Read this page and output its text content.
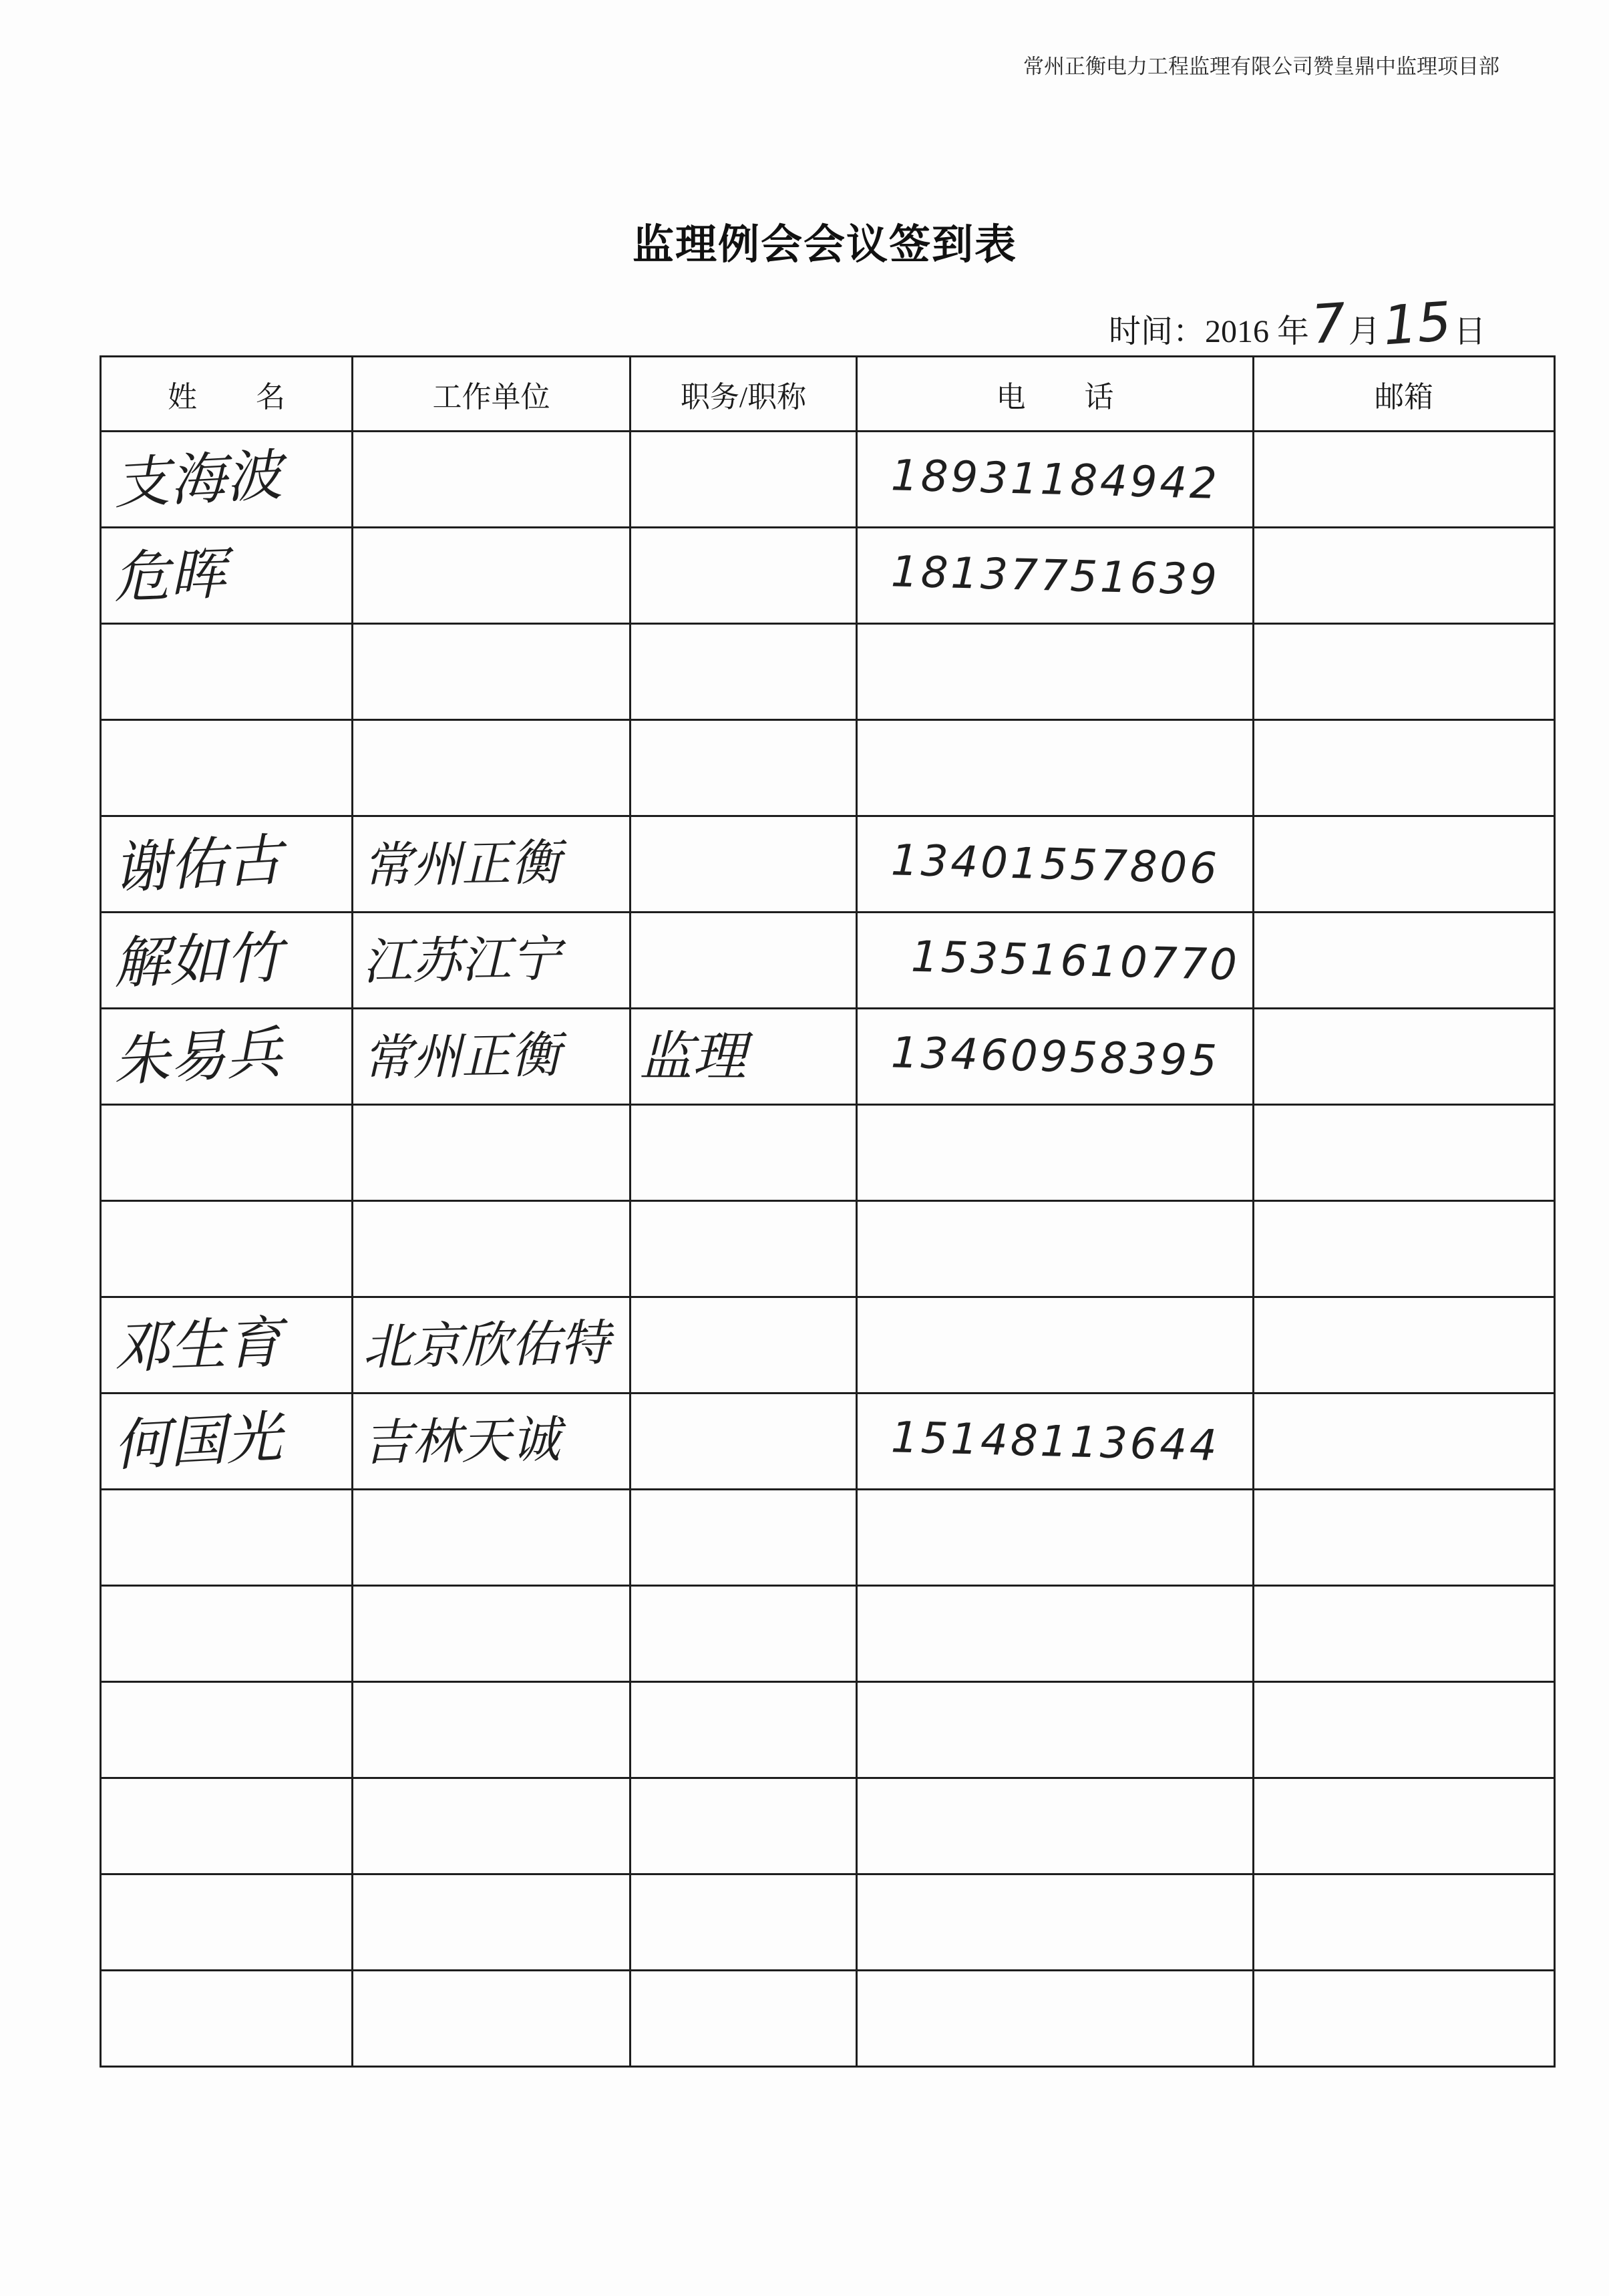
常州正衡电力工程监理有限公司赞皇鼎中监理项目部
监理例会会议签到表
时间：2016 年7月15日
姓　　名	工作单位	职务/职称	电　　话	邮箱
支海波			18931184942	
危晖			18137751639	

谢佑古	常州正衡		13401557806	
解如竹	江苏江宁		15351610770	
朱易兵	常州正衡	监理	13460958395	

邓生育	北京欣佑特			
何国光	吉林天诚		15148113644	
